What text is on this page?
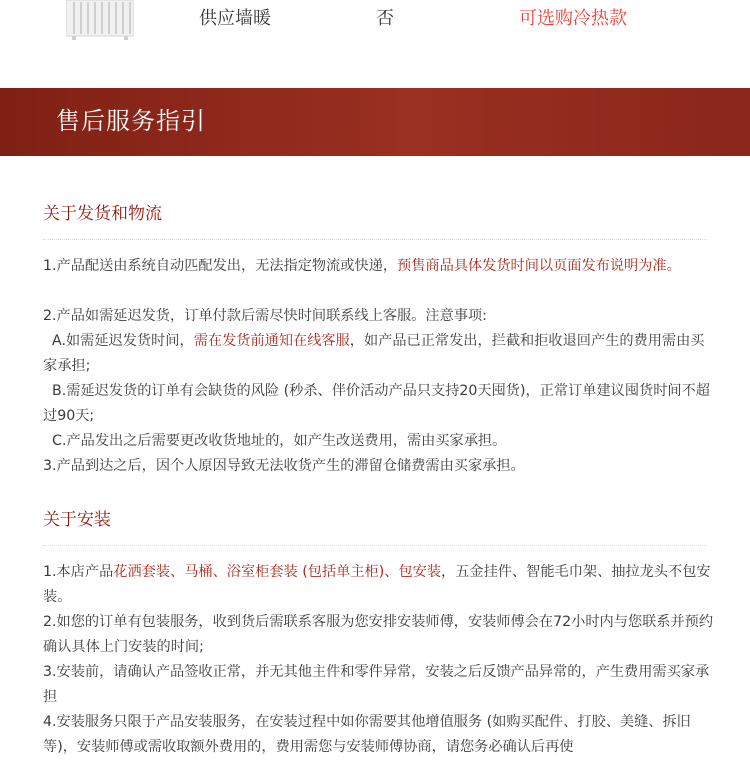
供应墙暖	否	可选购冷热款
售后服务指引
关于发货和物流
1.产品配送由系统自动匹配发出，无法指定物流或快递，预售商品具体发货时间以页面发布说明为准。
2.产品如需延迟发货，订单付款后需尽快时间联系线上客服。注意事项:
A.如需延迟发货时间，需在发货前通知在线客服，如产品已正常发出，拦截和拒收退回产生的费用需由买家承担;
B.需延迟发货的订单有会缺货的风险 (秒杀、伴价活动产品只支持20天囤货)，正常订单建议囤货时间不超过90天;
C.产品发出之后需要更改收货地址的，如产生改送费用，需由买家承担。
3.产品到达之后，因个人原因导致无法收货产生的滞留仓储费需由买家承担。
关于安装
1.本店产品花洒套装、马桶、浴室柜套装 (包括单主柜)、包安装，五金挂件、智能毛巾架、抽拉龙头不包安装。
2.如您的订单有包装服务，收到货后需联系客服为您安排安装师傅，安装师傅会在72小时内与您联系并预约确认具体上门安装的时间;
3.安装前，请确认产品签收正常，并无其他主件和零件异常，安装之后反馈产品异常的，产生费用需买家承担
4.安装服务只限于产品安装服务，在安装过程中如你需要其他增值服务 (如购买配件、打胶、美缝、拆旧等)，安装师傅或需收取额外费用的，费用需您与安装师傅协商，请您务必确认后再使
